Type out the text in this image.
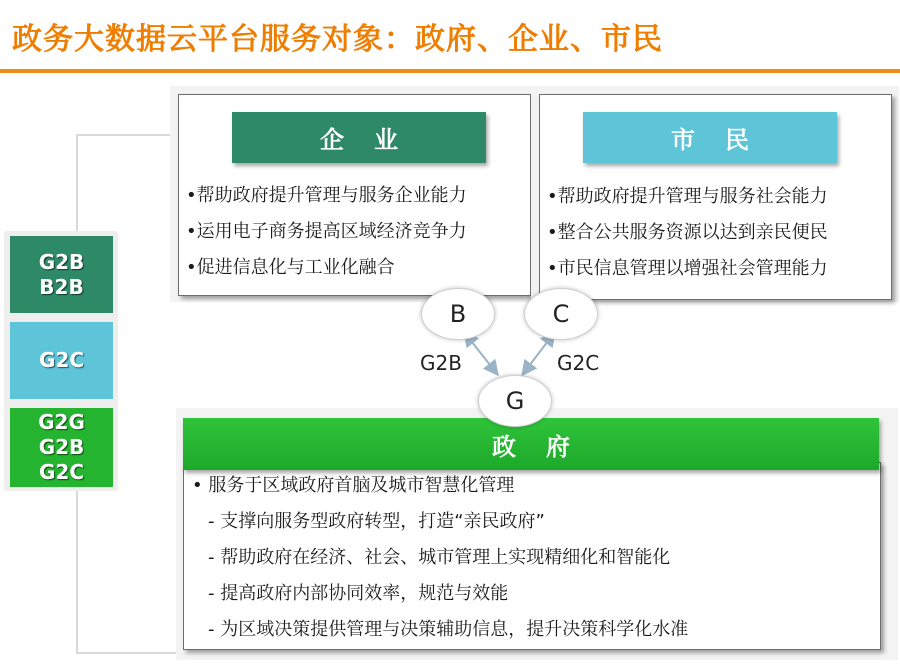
政务大数据云平台服务对象：政府、企业、市民
G2B
B2B
G2C
G2G
G2B
G2C
企业
• 帮助政府提升管理与服务企业能力
• 运用电子商务提高区域经济竞争力
• 促进信息化与工业化融合
市民
• 帮助政府提升管理与服务社会能力
• 整合公共服务资源以达到亲民便民
• 市民信息管理以增强社会管理能力
政府
• 服务于区域政府首脑及城市智慧化管理
- 支撑向服务型政府转型，打造“亲民政府”
- 帮助政府在经济、社会、城市管理上实现精细化和智能化
- 提高政府内部协同效率，规范与效能
- 为区域决策提供管理与决策辅助信息，提升决策科学化水准
B	C
G
G2B	G2C
